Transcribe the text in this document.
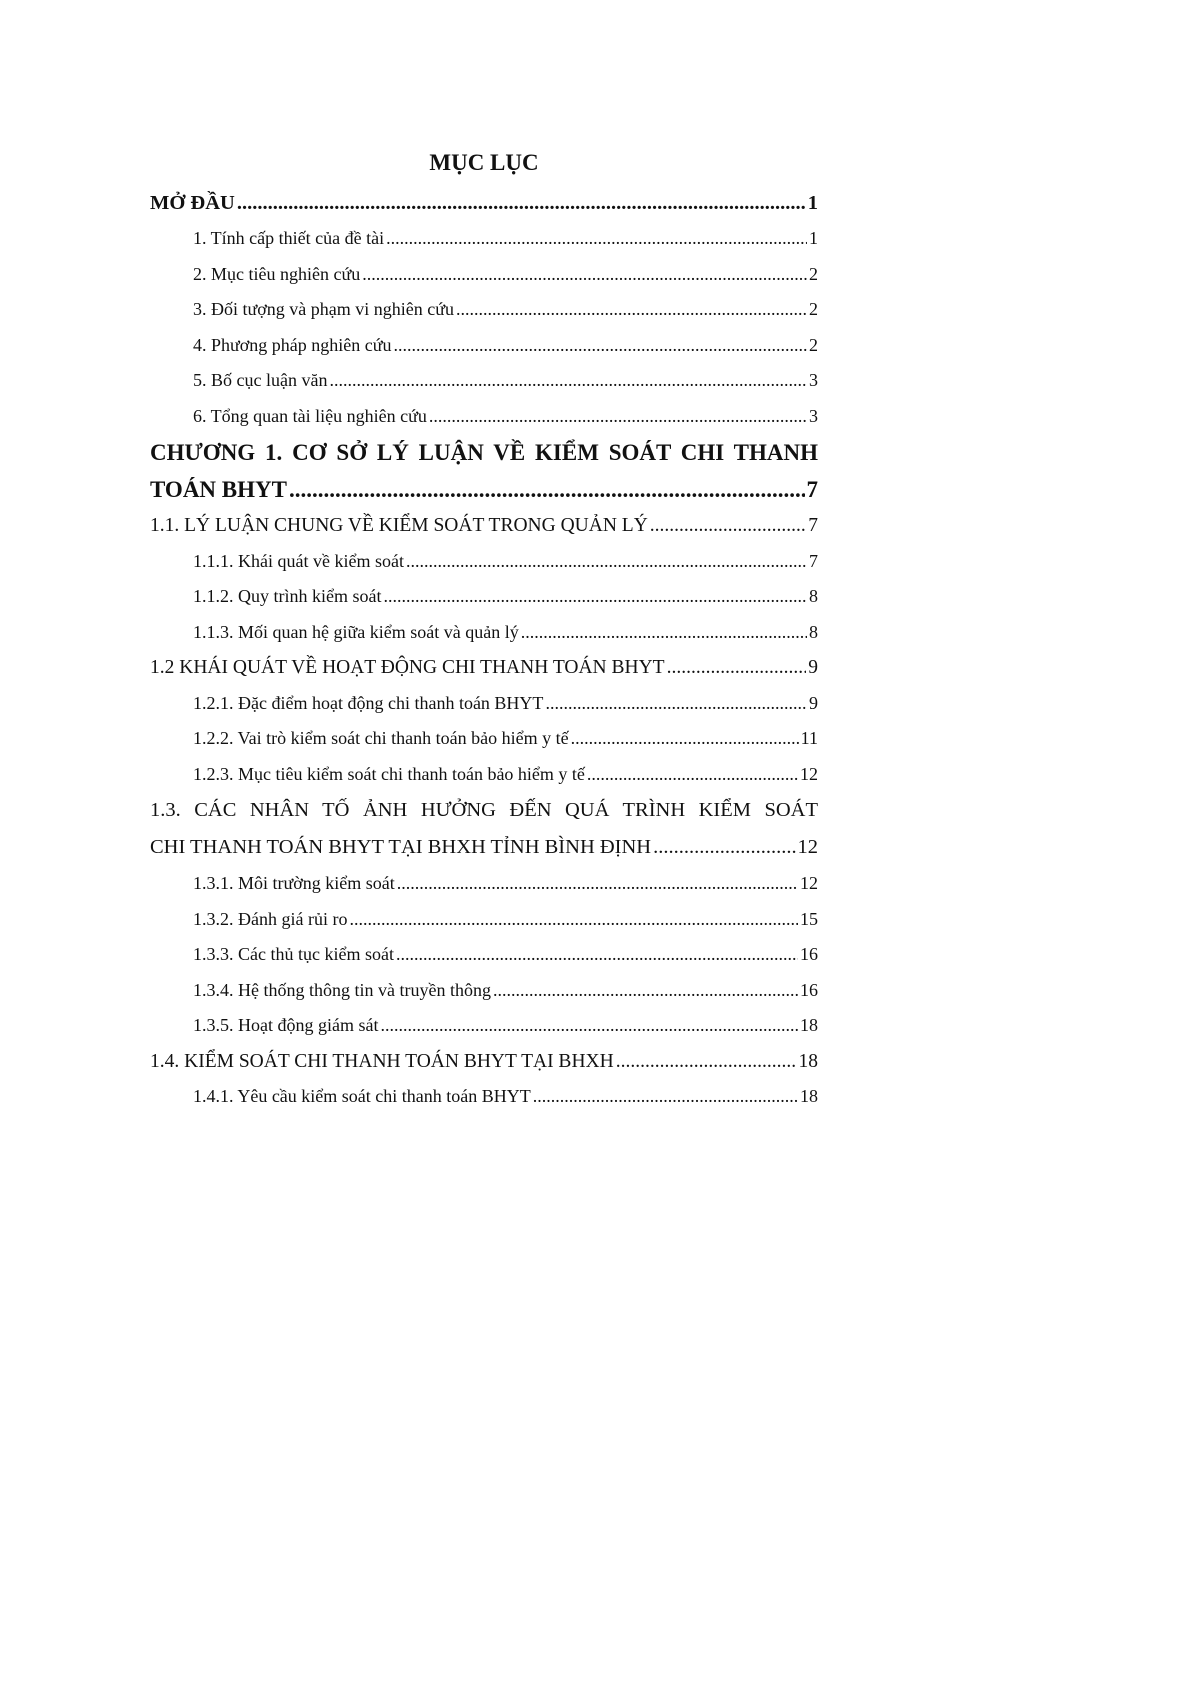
MỤC LỤC
MỞ ĐẦU .....	1
1. Tính cấp thiết của đề tài .....	1
2. Mục tiêu nghiên cứu .....	2
3. Đối tượng và phạm vi nghiên cứu .....	2
4. Phương pháp nghiên cứu .....	2
5. Bố cục luận văn .....	3
6. Tổng quan tài liệu nghiên cứu .....	3
CHƯƠNG 1. CƠ SỞ LÝ LUẬN VỀ KIỂM SOÁT CHI THANH
TOÁN BHYT .....	7
1.1. LÝ LUẬN CHUNG VỀ KIỂM SOÁT TRONG QUẢN LÝ .....	7
1.1.1. Khái quát về kiểm soát .....	7
1.1.2. Quy trình kiểm soát .....	8
1.1.3. Mối quan hệ giữa kiểm soát và quản lý .....	8
1.2 KHÁI QUÁT VỀ HOẠT ĐỘNG CHI THANH TOÁN BHYT .....	9
1.2.1. Đặc điểm hoạt động chi thanh toán BHYT .....	9
1.2.2. Vai trò kiểm soát chi thanh toán bảo hiểm y tế .....	11
1.2.3. Mục tiêu kiểm soát chi thanh toán bảo hiểm y tế .....	12
1.3. CÁC NHÂN TỐ ẢNH HƯỞNG ĐẾN QUÁ TRÌNH KIỂM SOÁT
CHI THANH TOÁN BHYT TẠI BHXH TỈNH BÌNH ĐỊNH .....	12
1.3.1. Môi trường kiểm soát .....	12
1.3.2. Đánh giá rủi ro .....	15
1.3.3. Các thủ tục kiểm soát .....	16
1.3.4. Hệ thống thông tin và truyền thông .....	16
1.3.5. Hoạt động giám sát .....	18
1.4. KIỂM SOÁT CHI THANH TOÁN BHYT TẠI BHXH .....	18
1.4.1. Yêu cầu kiểm soát chi thanh toán BHYT .....	18
